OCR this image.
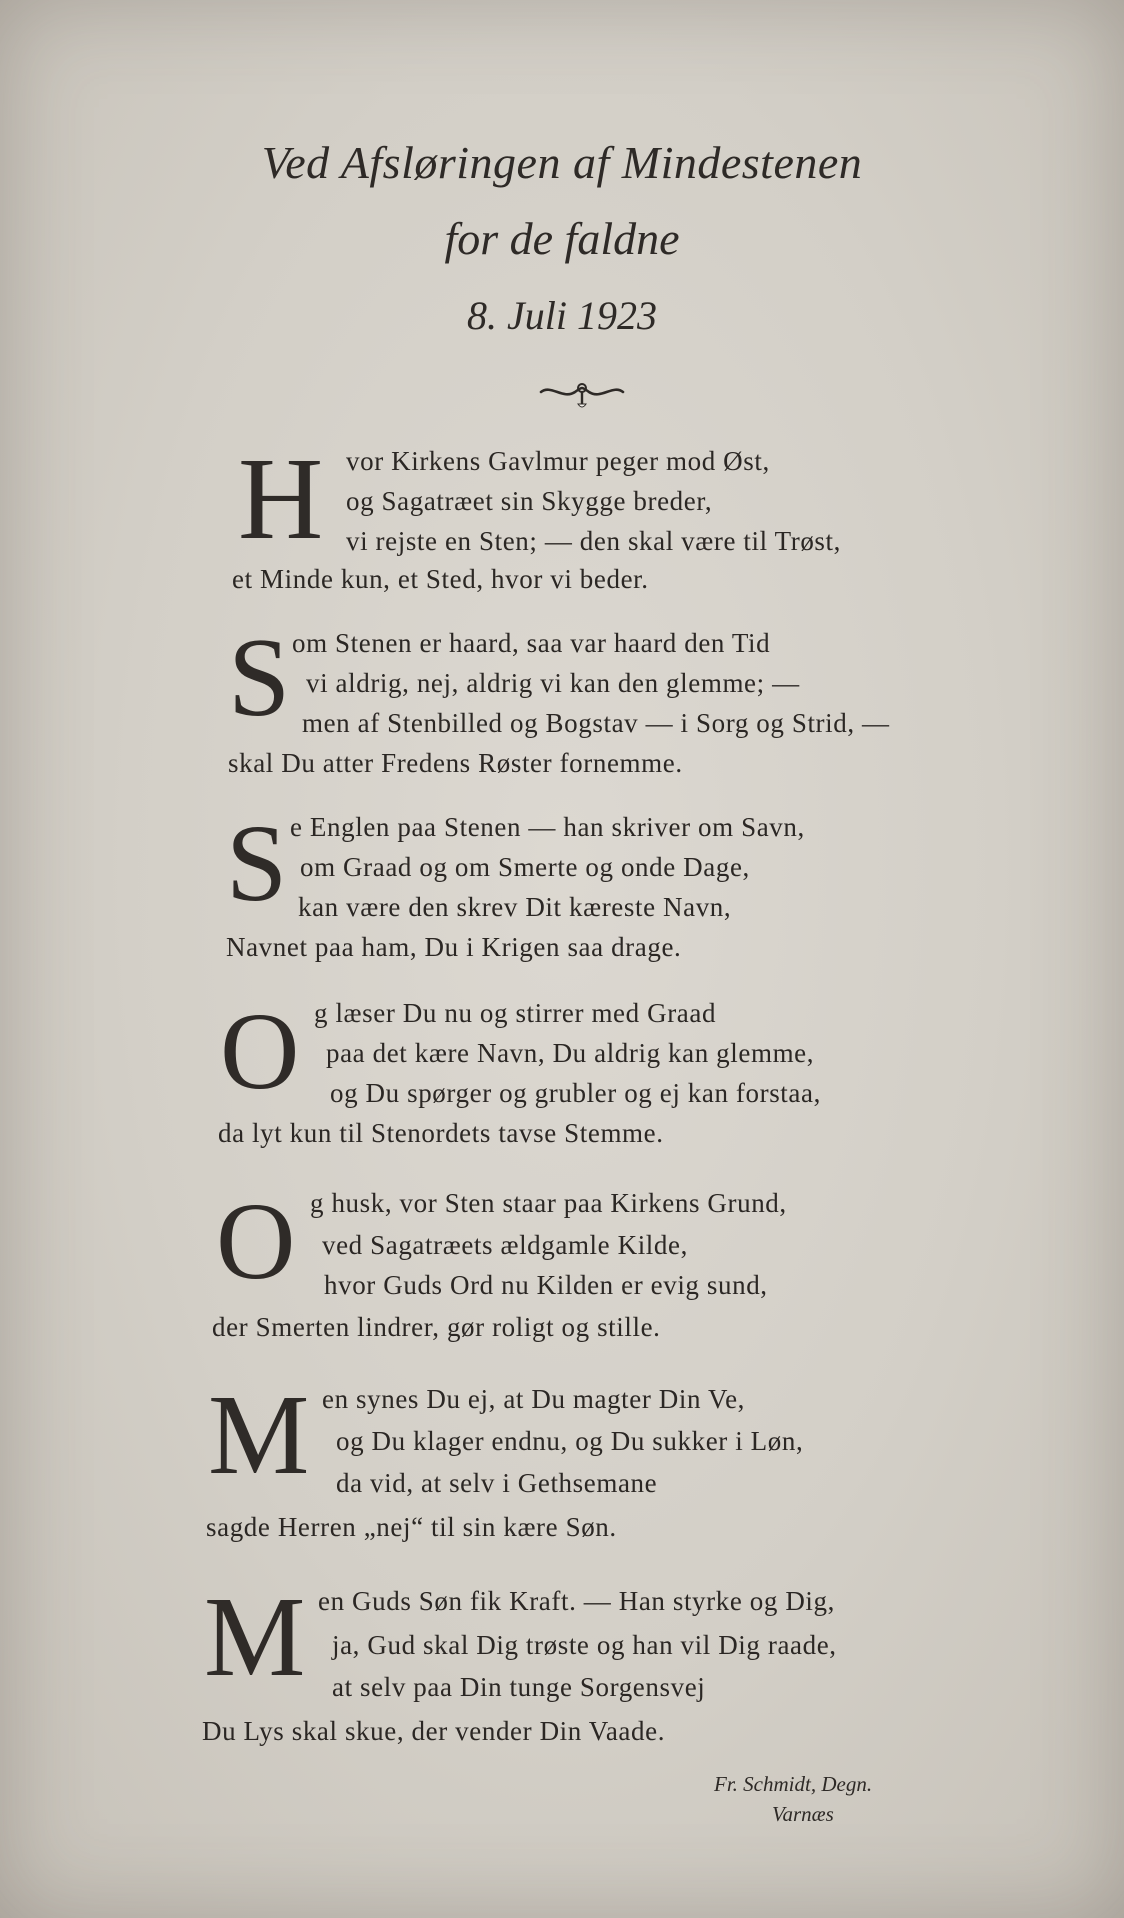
Ved Afsløringen af Mindestenen
for de faldne
8. Juli 1923
H vor Kirkens Gavlmur peger mod Øst,
og Sagatræet sin Skygge breder,
vi rejste en Sten; — den skal være til Trøst,
et Minde kun, et Sted, hvor vi beder.
S om Stenen er haard, saa var haard den Tid
vi aldrig, nej, aldrig vi kan den glemme; —
men af Stenbilled og Bogstav — i Sorg og Strid, —
skal Du atter Fredens Røster fornemme.
S e Englen paa Stenen — han skriver om Savn,
om Graad og om Smerte og onde Dage,
kan være den skrev Dit kæreste Navn,
Navnet paa ham, Du i Krigen saa drage.
O g læser Du nu og stirrer med Graad
paa det kære Navn, Du aldrig kan glemme,
og Du spørger og grubler og ej kan forstaa,
da lyt kun til Stenordets tavse Stemme.
O g husk, vor Sten staar paa Kirkens Grund,
ved Sagatræets ældgamle Kilde,
hvor Guds Ord nu Kilden er evig sund,
der Smerten lindrer, gør roligt og stille.
M en synes Du ej, at Du magter Din Ve,
og Du klager endnu, og Du sukker i Løn,
da vid, at selv i Gethsemane
sagde Herren „nej“ til sin kære Søn.
M en Guds Søn fik Kraft. — Han styrke og Dig,
ja, Gud skal Dig trøste og han vil Dig raade,
at selv paa Din tunge Sorgensvej
Du Lys skal skue, der vender Din Vaade.
Fr. Schmidt, Degn.
Varnæs
